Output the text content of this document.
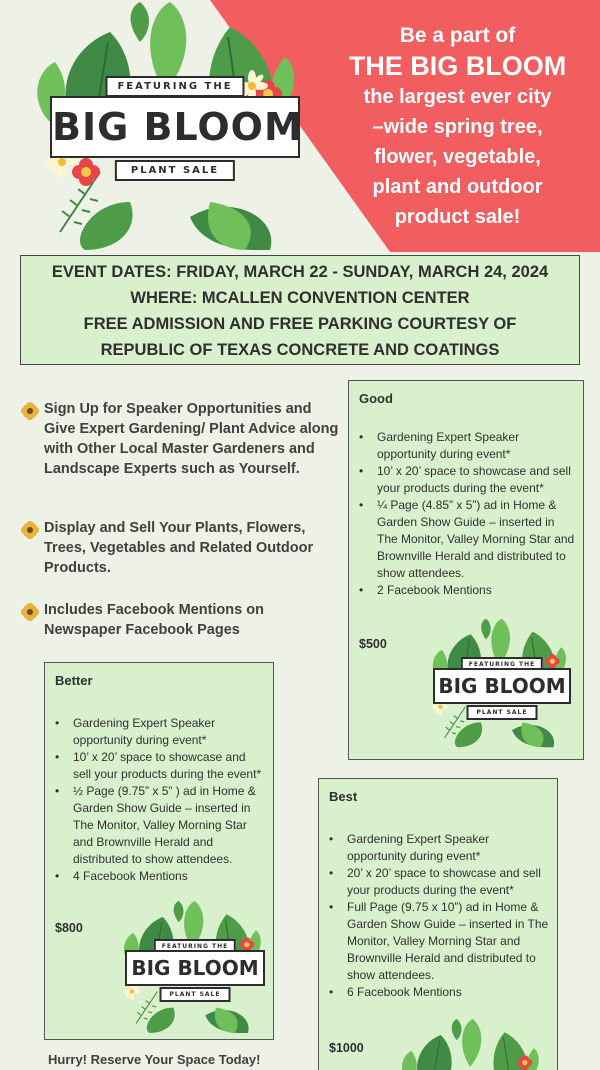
FEATURING THE
BIG BLOOM
PLANT SALE
Be a part of
THE BIG BLOOM
the largest ever city
–wide spring tree,
flower, vegetable,
plant and outdoor
product sale!
EVENT DATES: FRIDAY, MARCH 22 - SUNDAY, MARCH 24, 2024
WHERE: MCALLEN CONVENTION CENTER
FREE ADMISSION AND FREE PARKING COURTESY OF
REPUBLIC OF TEXAS CONCRETE AND COATINGS
Sign Up for Speaker Opportunities and Give Expert Gardening/ Plant Advice along with Other Local Master Gardeners and Landscape Experts such as Yourself.
Display and Sell Your Plants, Flowers, Trees, Vegetables and Related Outdoor Products.
Includes Facebook Mentions on Newspaper Facebook Pages
Good
• Gardening Expert Speaker opportunity during event*
• 10’ x 20’ space to showcase and sell your products during the event*
• ¼ Page (4.85” x 5”) ad in Home & Garden Show Guide – inserted in The Monitor, Valley Morning Star and Brownville Herald and distributed to show attendees.
• 2 Facebook Mentions
$500
FEATURING THE
BIG BLOOM
PLANT SALE
Better
• Gardening Expert Speaker opportunity during event*
• 10’ x 20’ space to showcase and sell your products during the event*
• ½ Page (9.75” x 5” ) ad in Home & Garden Show Guide – inserted in The Monitor, Valley Morning Star and Brownville Herald and distributed to show attendees.
• 4 Facebook Mentions
$800
FEATURING THE
BIG BLOOM
PLANT SALE
Best
• Gardening Expert Speaker opportunity during event*
• 20’ x 20’ space to showcase and sell your products during the event*
• Full Page (9.75 x 10”) ad in Home & Garden Show Guide – inserted in The Monitor, Valley Morning Star and Brownville Herald and distributed to show attendees.
• 6 Facebook Mentions
$1000
Hurry! Reserve Your Space Today!
